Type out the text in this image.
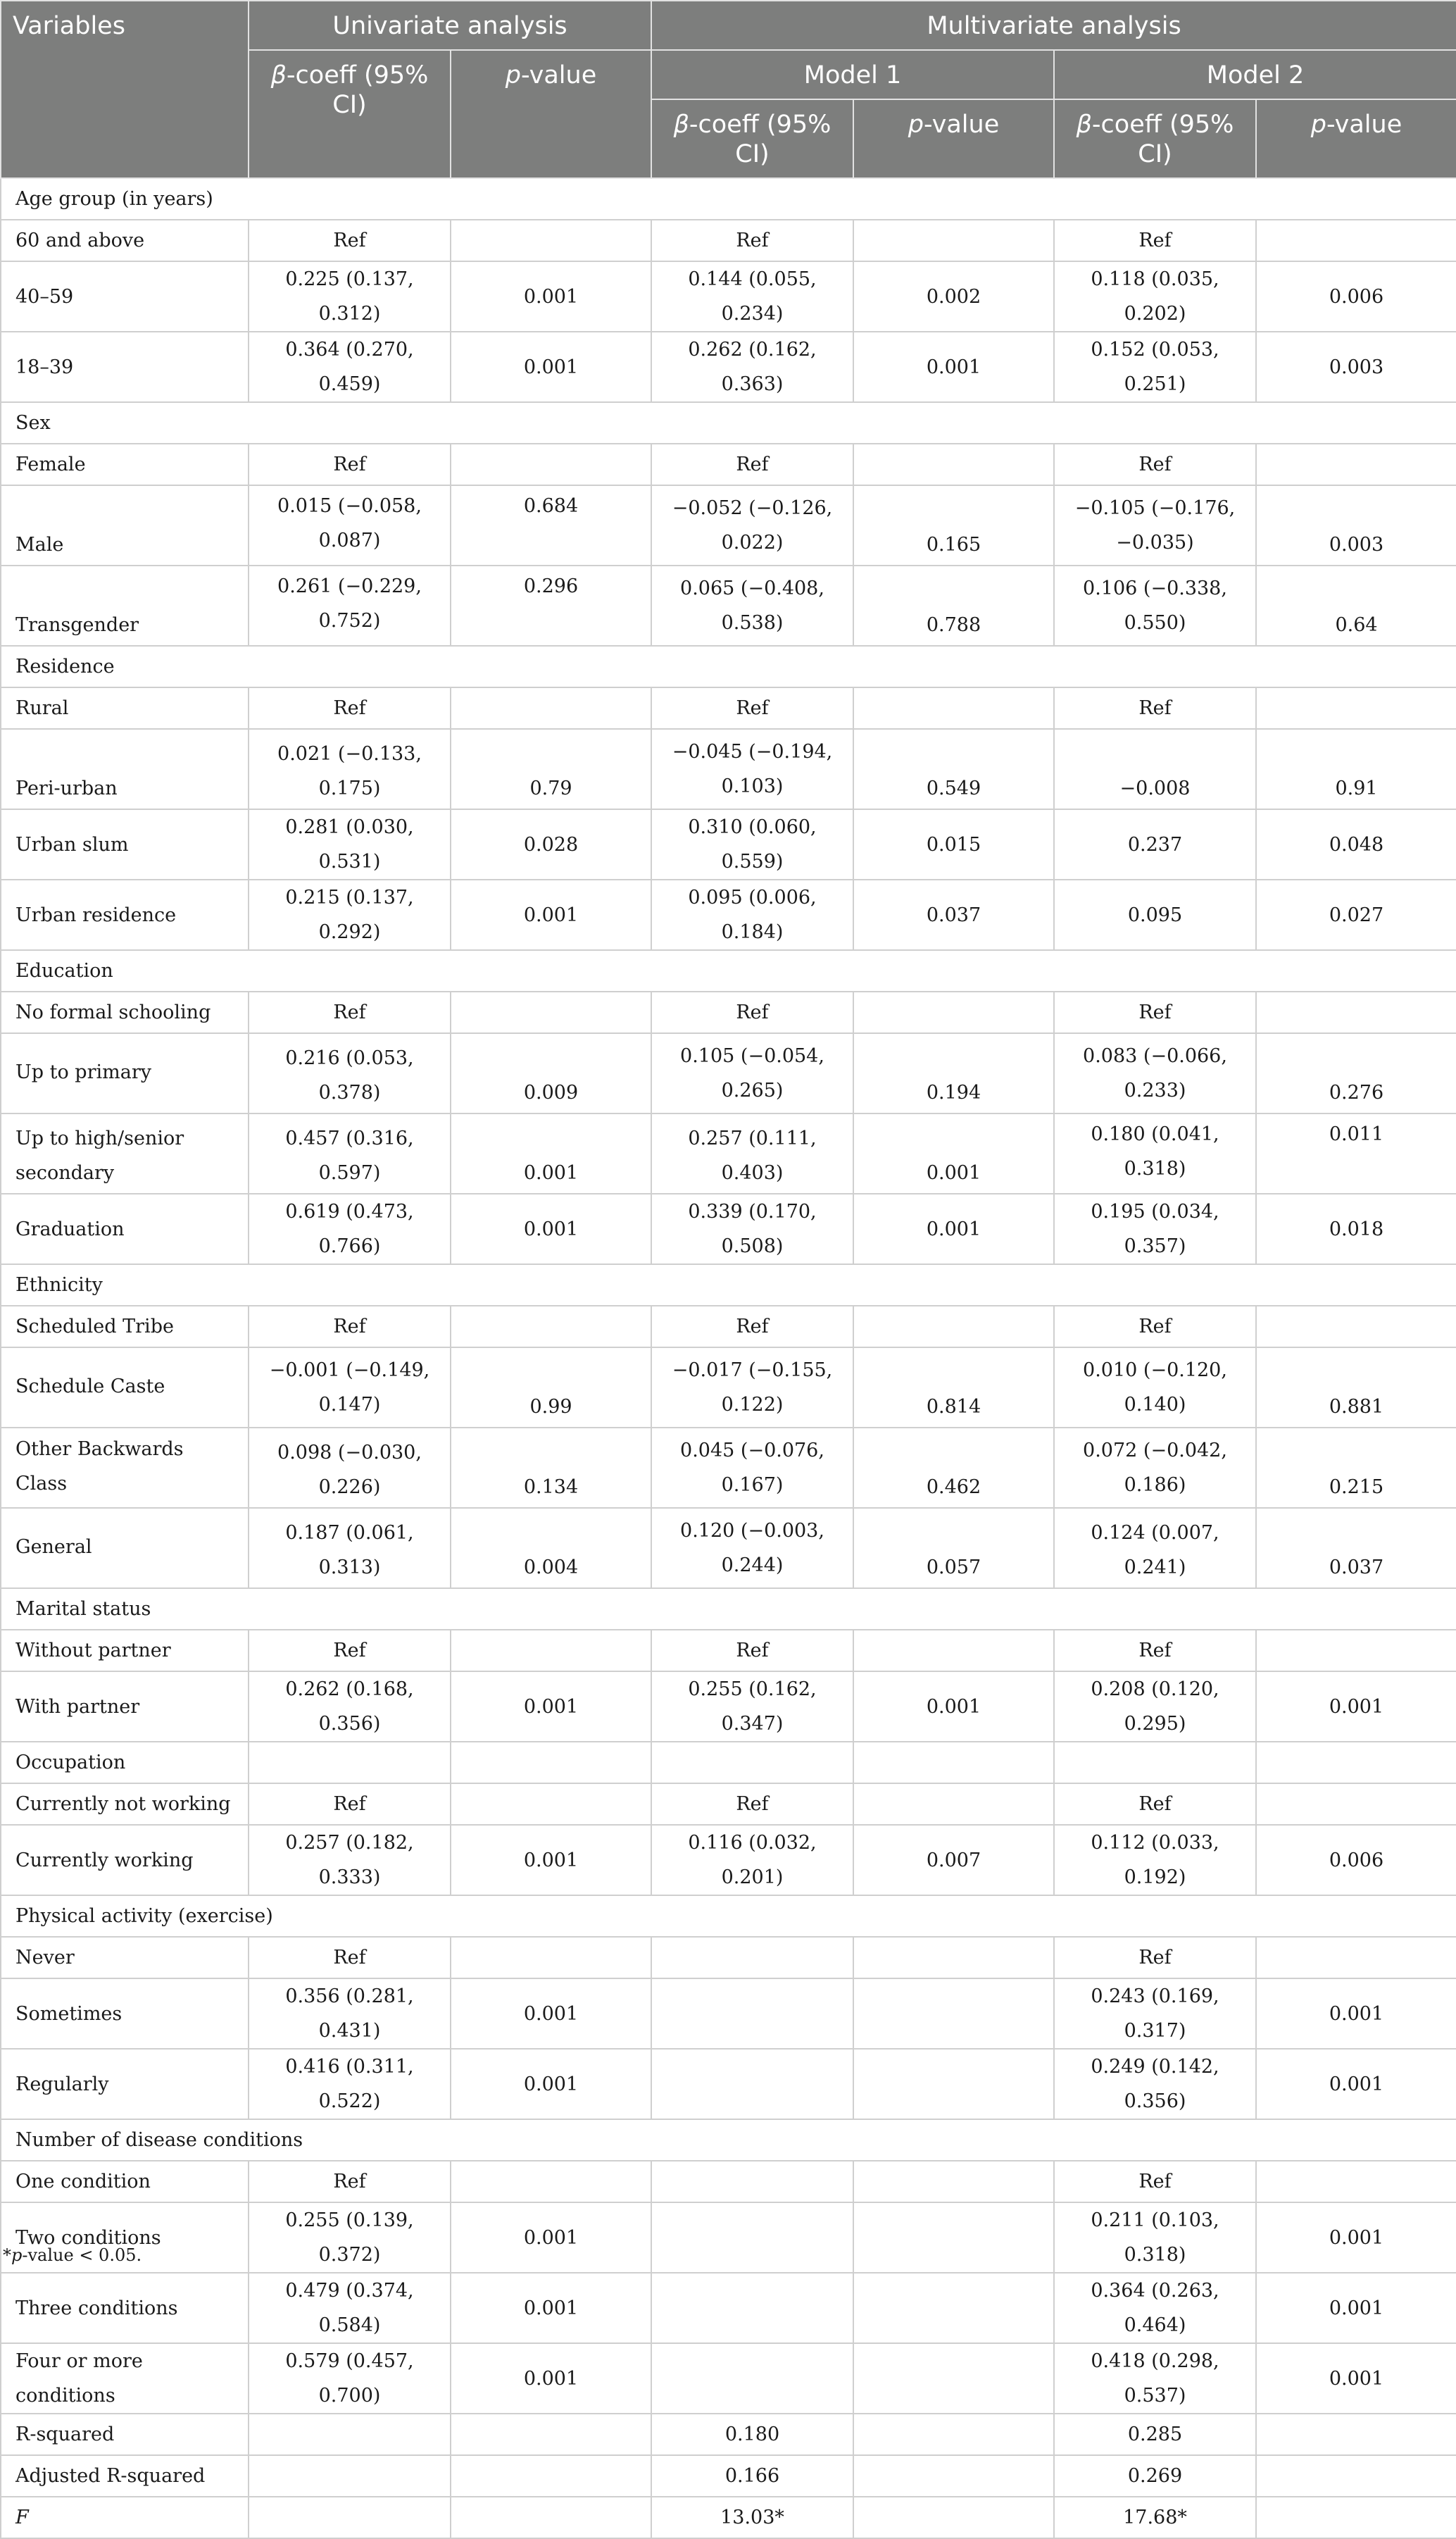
Variables	Univariate analysis		Multivariate analysis			
	β-coeff (95% CI)	p-value	Model 1		Model 2	
			β-coeff (95% CI)	p-value	β-coeff (95% CI)	p-value
Age group (in years)						
60 and above	Ref		Ref		Ref	
40–59	0.225 (0.137, 0.312)	0.001	0.144 (0.055, 0.234)	0.002	0.118 (0.035, 0.202)	0.006
18–39	0.364 (0.270, 0.459)	0.001	0.262 (0.162, 0.363)	0.001	0.152 (0.053, 0.251)	0.003
Sex						
Female	Ref		Ref		Ref	
Male	0.015 (−0.058, 0.087)	0.684	−0.052 (−0.126, 0.022)	0.165	−0.105 (−0.176, −0.035)	0.003
Transgender	0.261 (−0.229, 0.752)	0.296	0.065 (−0.408, 0.538)	0.788	0.106 (−0.338, 0.550)	0.64
Residence						
Rural	Ref		Ref		Ref	
Peri-urban	0.021 (−0.133, 0.175)	0.79	−0.045 (−0.194, 0.103)	0.549	−0.008	0.91
Urban slum	0.281 (0.030, 0.531)	0.028	0.310 (0.060, 0.559)	0.015	0.237	0.048
Urban residence	0.215 (0.137, 0.292)	0.001	0.095 (0.006, 0.184)	0.037	0.095	0.027
Education						
No formal schooling	Ref		Ref		Ref	
Up to primary	0.216 (0.053, 0.378)	0.009	0.105 (−0.054, 0.265)	0.194	0.083 (−0.066, 0.233)	0.276
Up to high/senior secondary	0.457 (0.316, 0.597)	0.001	0.257 (0.111, 0.403)	0.001	0.180 (0.041, 0.318)	0.011
Graduation	0.619 (0.473, 0.766)	0.001	0.339 (0.170, 0.508)	0.001	0.195 (0.034, 0.357)	0.018
Ethnicity						
Scheduled Tribe	Ref		Ref		Ref	
Schedule Caste	−0.001 (−0.149, 0.147)	0.99	−0.017 (−0.155, 0.122)	0.814	0.010 (−0.120, 0.140)	0.881
Other Backwards Class	0.098 (−0.030, 0.226)	0.134	0.045 (−0.076, 0.167)	0.462	0.072 (−0.042, 0.186)	0.215
General	0.187 (0.061, 0.313)	0.004	0.120 (−0.003, 0.244)	0.057	0.124 (0.007, 0.241)	0.037
Marital status						
Without partner	Ref		Ref		Ref	
With partner	0.262 (0.168, 0.356)	0.001	0.255 (0.162, 0.347)	0.001	0.208 (0.120, 0.295)	0.001
Occupation						
Currently not working	Ref		Ref		Ref	
Currently working	0.257 (0.182, 0.333)	0.001	0.116 (0.032, 0.201)	0.007	0.112 (0.033, 0.192)	0.006
Physical activity (exercise)						
Never	Ref				Ref	
Sometimes	0.356 (0.281, 0.431)	0.001			0.243 (0.169, 0.317)	0.001
Regularly	0.416 (0.311, 0.522)	0.001			0.249 (0.142, 0.356)	0.001
Number of disease conditions						
One condition	Ref				Ref	
Two conditions	0.255 (0.139, 0.372)	0.001			0.211 (0.103, 0.318)	0.001
Three conditions	0.479 (0.374, 0.584)	0.001			0.364 (0.263, 0.464)	0.001
Four or more conditions	0.579 (0.457, 0.700)	0.001			0.418 (0.298, 0.537)	0.001
R-squared			0.180		0.285	
Adjusted R-squared			0.166		0.269	
F			13.03*		17.68*	
*p-value < 0.05.
